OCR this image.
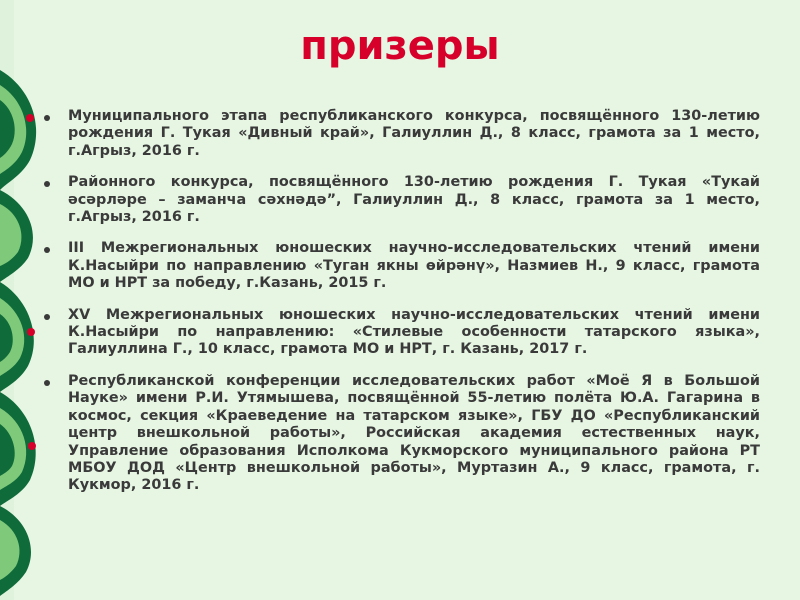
призеры
Муниципального этапа республиканского конкурса, посвящённого 130-летию рождения Г. Тукая «Дивный край», Галиуллин Д., 8 класс, грамота за 1 место, г.Агрыз, 2016 г.
Районного конкурса, посвящённого 130-летию рождения Г. Тукая «Тукай әсәрләре – заманча сәхнәдә”, Галиуллин Д., 8 класс, грамота за 1 место, г.Агрыз, 2016 г.
III Межрегиональных юношеских научно-исследовательских чтений имени К.Насыйри по направлению «Туган якны өйрәнү», Назмиев Н., 9 класс, грамота МО и НРТ за победу, г.Казань, 2015 г.
XV Межрегиональных юношеских научно-исследовательских чтений имени К.Насыйри по направлению: «Стилевые особенности татарского языка», Галиуллина Г., 10 класс, грамота МО и НРТ, г. Казань, 2017 г.
Республиканской конференции исследовательских работ «Моё Я в Большой Науке» имени Р.И. Утямышева, посвящённой 55-летию полёта Ю.А. Гагарина в космос, секция «Краеведение на татарском языке», ГБУ ДО «Республиканский центр внешкольной работы», Российская академия естественных наук, Управление образования Исполкома Кукморского муниципального района РТ МБОУ ДОД «Центр внешкольной работы», Муртазин А., 9 класс, грамота, г. Кукмор, 2016 г.
